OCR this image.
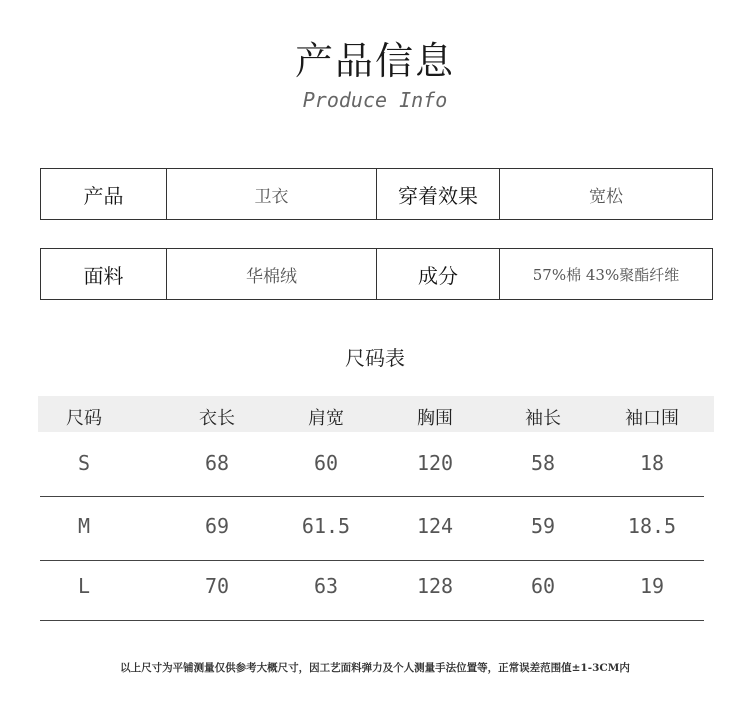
产品信息
Produce Info
产品	卫衣	穿着效果	宽松
面料	华棉绒	成分	57%棉 43%聚酯纤维
尺码表
尺码	衣长	肩宽	胸围	袖长	袖口围
S	68	60	120	58	18
M	69	61.5	124	59	18.5
L	70	63	128	60	19
以上尺寸为平铺测量仅供参考大概尺寸，因工艺面料弹力及个人测量手法位置等，正常误差范围值±1-3CM内
